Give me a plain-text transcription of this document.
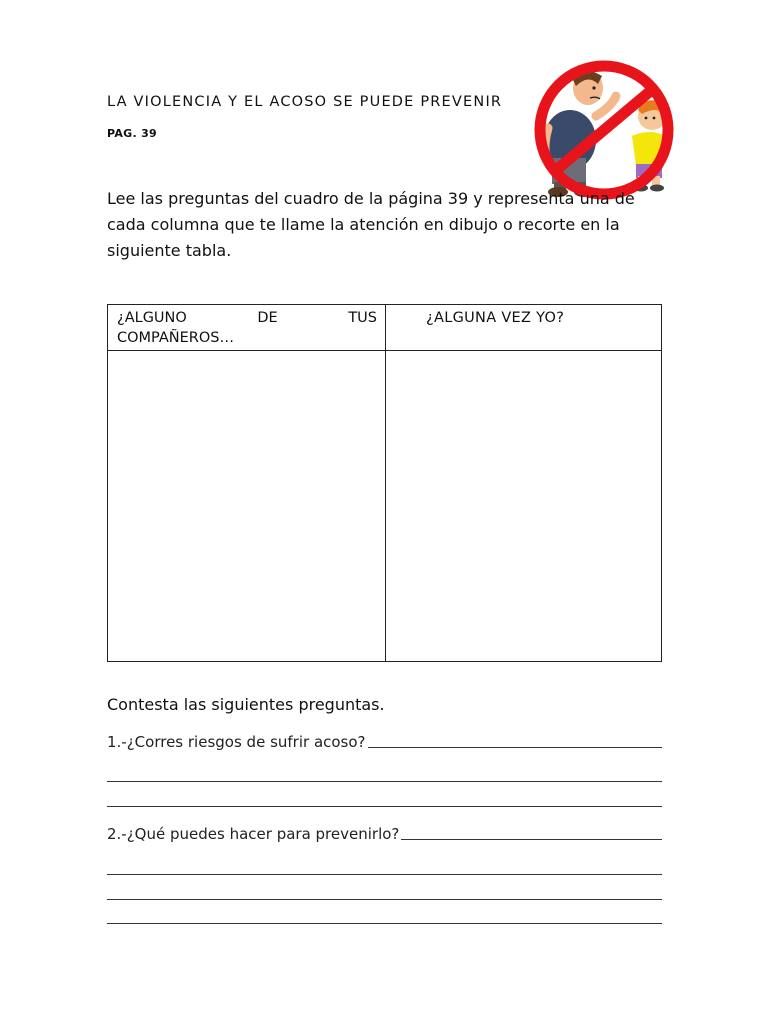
LA VIOLENCIA Y EL ACOSO SE PUEDE PREVENIR
PAG. 39

Lee las preguntas del cuadro de la página 39 y representa una de cada columna que te llame la atención en dibujo o recorte en la siguiente tabla.

¿ALGUNO DE TUS
COMPAÑEROS…	¿ALGUNA VEZ YO?

Contesta las siguientes preguntas.
1.-¿Corres riesgos de sufrir acoso?
2.-¿Qué puedes hacer para prevenirlo?
